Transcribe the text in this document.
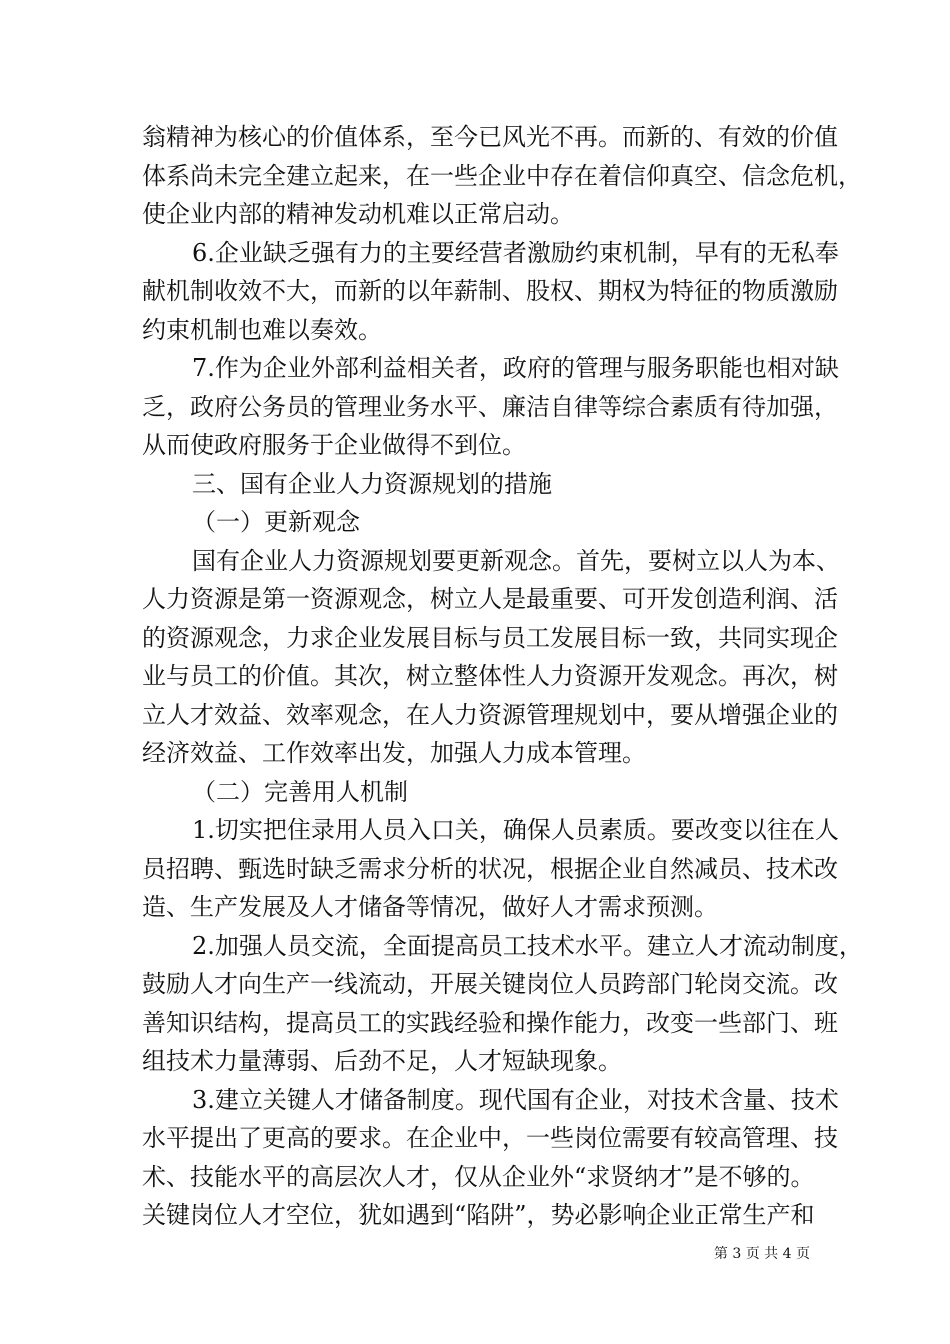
翁精神为核心的价值体系，至今已风光不再。而新的、有效的价值
体系尚未完全建立起来，在一些企业中存在着信仰真空、信念危机，
使企业内部的精神发动机难以正常启动。
6.企业缺乏强有力的主要经营者激励约束机制，早有的无私奉
献机制收效不大，而新的以年薪制、股权、期权为特征的物质激励
约束机制也难以奏效。
7.作为企业外部利益相关者，政府的管理与服务职能也相对缺
乏，政府公务员的管理业务水平、廉洁自律等综合素质有待加强，
从而使政府服务于企业做得不到位。
三、国有企业人力资源规划的措施
（一）更新观念
国有企业人力资源规划要更新观念。首先，要树立以人为本、
人力资源是第一资源观念，树立人是最重要、可开发创造利润、活
的资源观念，力求企业发展目标与员工发展目标一致，共同实现企
业与员工的价值。其次，树立整体性人力资源开发观念。再次，树
立人才效益、效率观念，在人力资源管理规划中，要从增强企业的
经济效益、工作效率出发，加强人力成本管理。
（二）完善用人机制
1.切实把住录用人员入口关，确保人员素质。要改变以往在人
员招聘、甄选时缺乏需求分析的状况，根据企业自然减员、技术改
造、生产发展及人才储备等情况，做好人才需求预测。
2.加强人员交流，全面提高员工技术水平。建立人才流动制度，
鼓励人才向生产一线流动，开展关键岗位人员跨部门轮岗交流。改
善知识结构，提高员工的实践经验和操作能力，改变一些部门、班
组技术力量薄弱、后劲不足，人才短缺现象。
3.建立关键人才储备制度。现代国有企业，对技术含量、技术
水平提出了更高的要求。在企业中，一些岗位需要有较高管理、技
术、技能水平的高层次人才，仅从企业外“求贤纳才”是不够的。
关键岗位人才空位，犹如遇到“陷阱”，势必影响企业正常生产和
第 3 页 共 4 页
